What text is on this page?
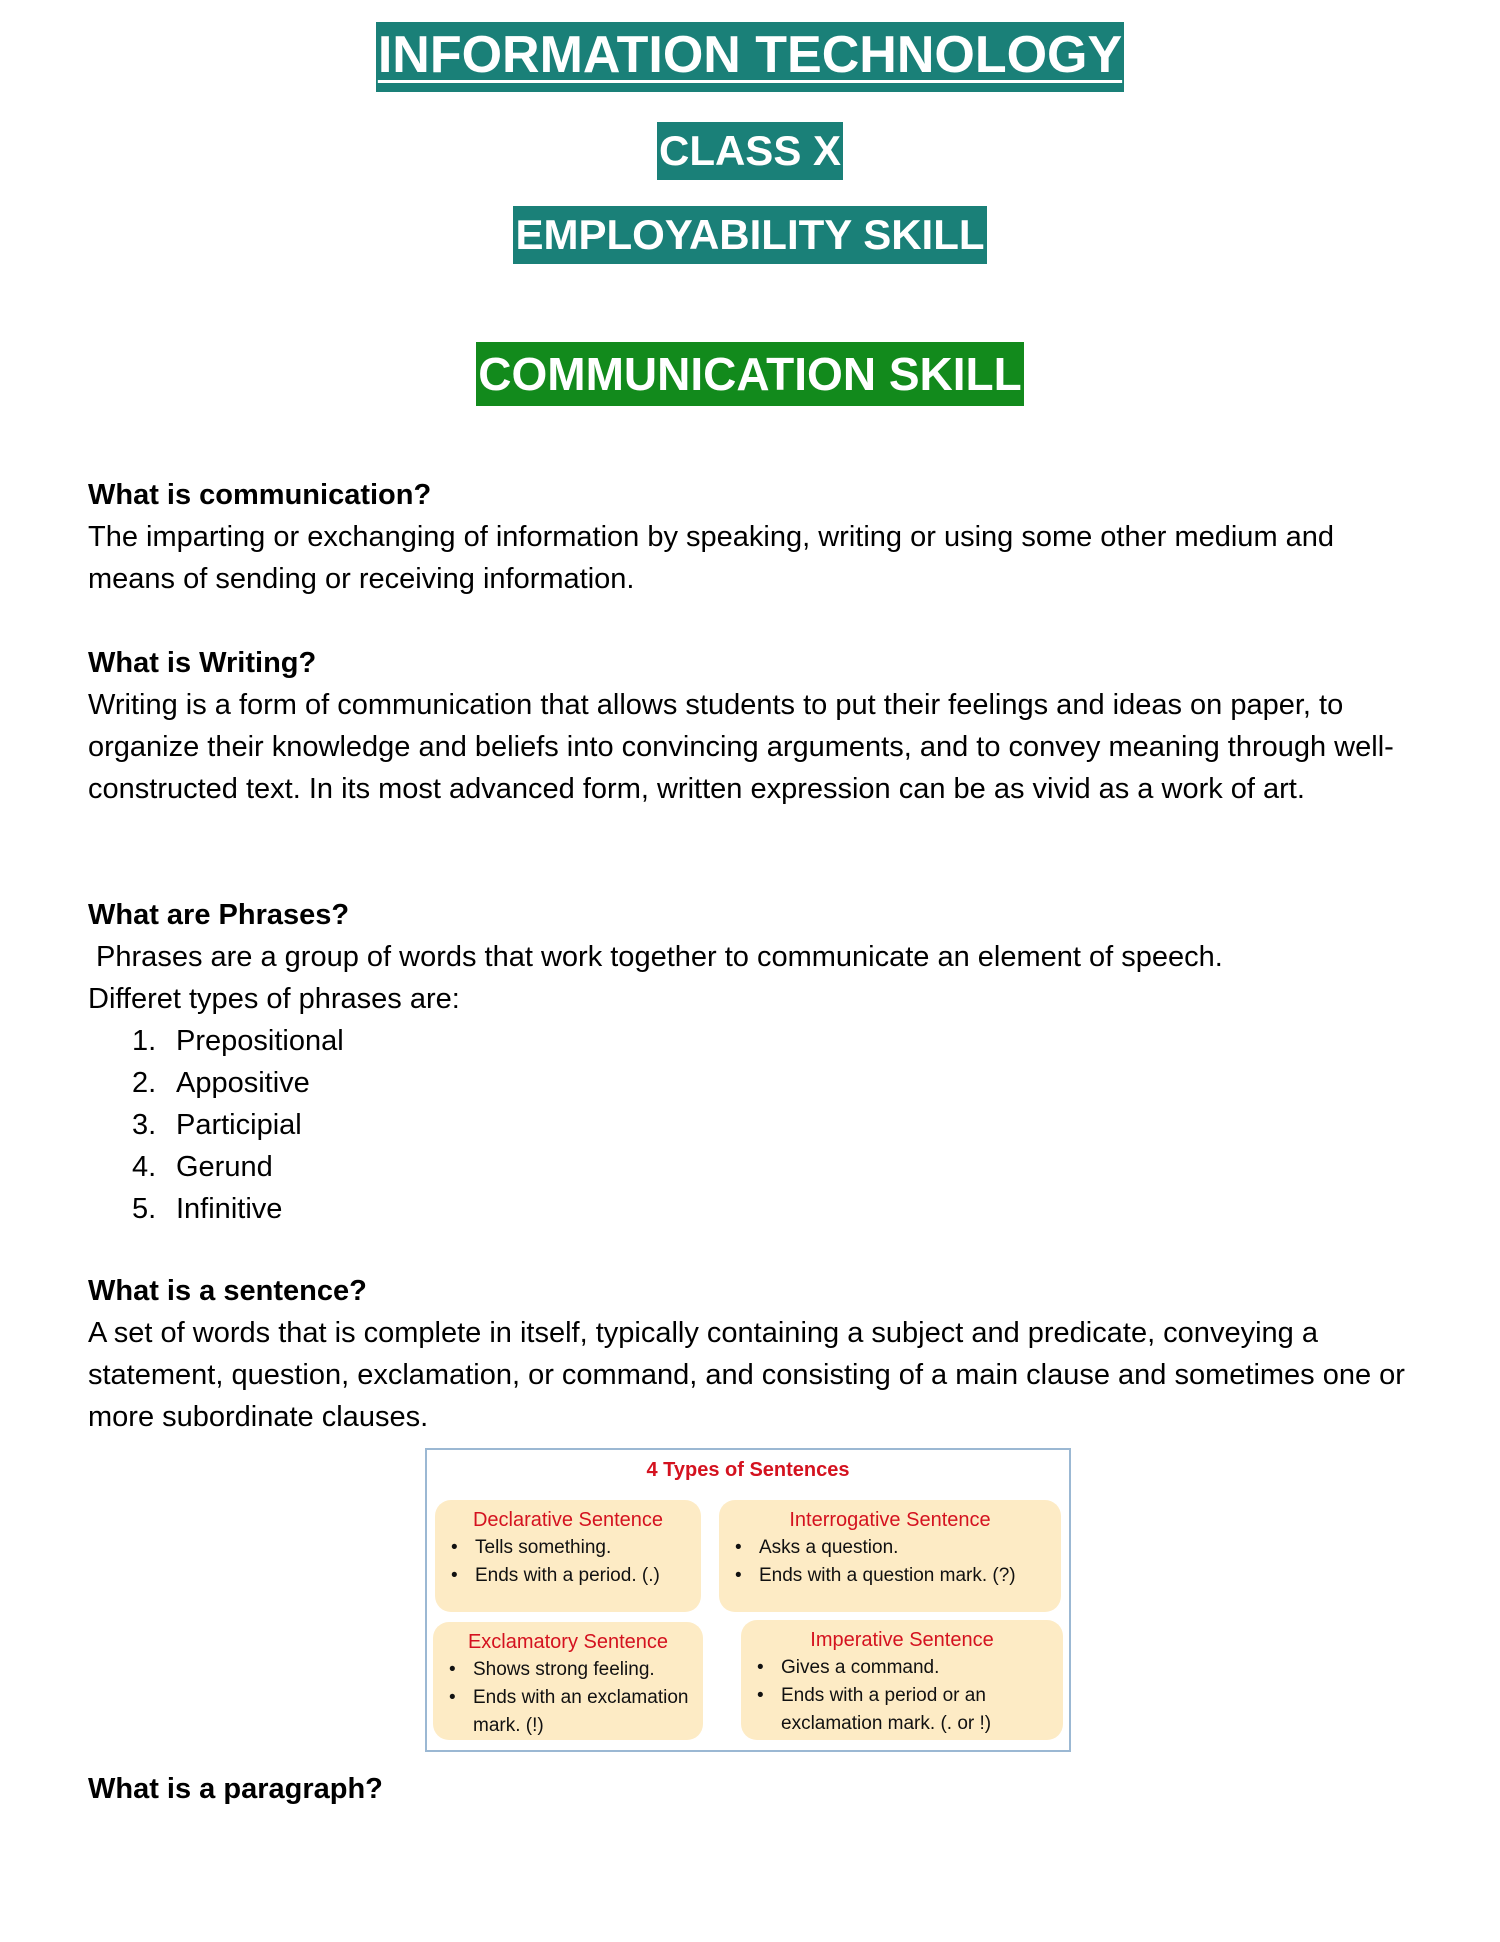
INFORMATION TECHNOLOGY
CLASS X
EMPLOYABILITY SKILL
COMMUNICATION SKILL

What is communication?

The imparting or exchanging of information by speaking, writing or using some other medium and means of sending or receiving information.

What is Writing?

Writing is a form of communication that allows students to put their feelings and ideas on paper, to organize their knowledge and beliefs into convincing arguments, and to convey meaning through well-constructed text. In its most advanced form, written expression can be as vivid as a work of art.

What are Phrases?

Phrases are a group of words that work together to communicate an element of speech.

Differet types of phrases are:

1. Prepositional
2. Appositive
3. Participial
4. Gerund
5. Infinitive

What is a sentence?

A set of words that is complete in itself, typically containing a subject and predicate, conveying a statement, question, exclamation, or command, and consisting of a main clause and sometimes one or more subordinate clauses.

4 Types of Sentences
Declarative Sentence
• Tells something.
• Ends with a period. (.)
Interrogative Sentence
• Asks a question.
• Ends with a question mark. (?)
Exclamatory Sentence
• Shows strong feeling.
• Ends with an exclamation mark. (!)
Imperative Sentence
• Gives a command.
• Ends with a period or an exclamation mark. (. or !)

What is a paragraph?
